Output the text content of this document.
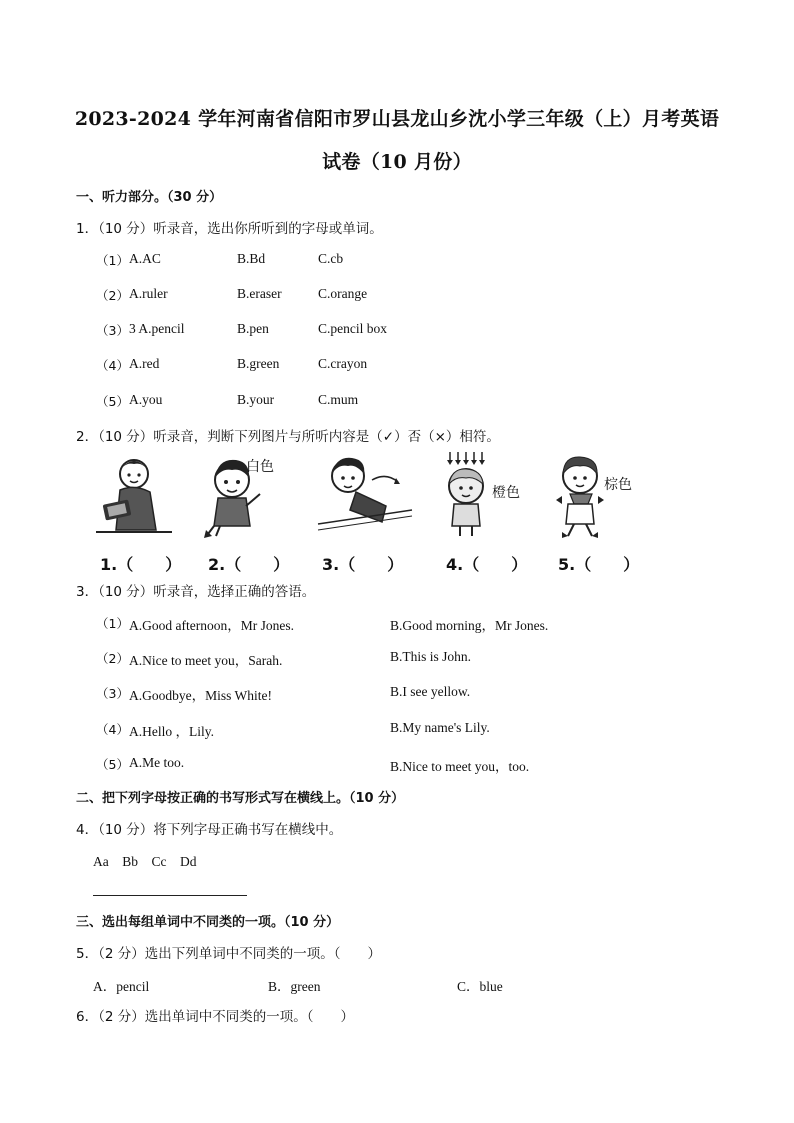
2023-2024 学年河南省信阳市罗山县龙山乡沈小学三年级（上）月考英语
试卷（10 月份）
一、听力部分。（30 分）
1．（10 分）听录音，选出你所听到的字母或单词。
（1） A.AC	B.Bd	C.cb
（2） A.ruler	B.eraser	C.orange
（3） 3 A.pencil	B.pen	C.pencil box
（4） A.red	B.green	C.crayon
（5） A.you	B.your	C.mum
2．（10 分）听录音，判断下列图片与所听内容是（✓）否（×）相符。
1.（　　）
白色
2.（　　） 3.（　　）
橙色
4.（　　）
棕色
5.（　　）
3．（10 分）听录音，选择正确的答语。
（1） A.Good afternoon，Mr Jones.	B.Good morning，Mr Jones.
（2） A.Nice to meet you，Sarah.	B.This is John.
（3） A.Goodbye，Miss White!	B.I see yellow.
（4） A.Hello ，Lily.	B.My name's Lily.
（5） A.Me too.	B.Nice to meet you，too.
二、把下列字母按正确的书写形式写在横线上。（10 分）
4．（10 分）将下列字母正确书写在横线中。
Aa　Bb　Cc　Dd
三、选出每组单词中不同类的一项。（10 分）
5．（2 分）选出下列单词中不同类的一项。（　　）
A．pencil	B．green	C．blue
6．（2 分）选出单词中不同类的一项。（　　）
